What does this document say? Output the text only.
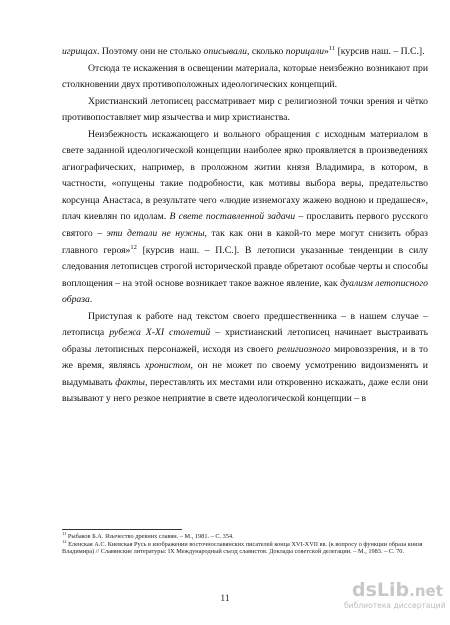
игрищах. Поэтому они не столько описывали, сколько порицали»$^{11}$ [курсив наш. – П.С.].

Отсюда те искажения в освещении материала, которые неизбежно возникают при столкновении двух противоположных идеологических концепций.

Христианский летописец рассматривает мир с религиозной точки зрения и чётко противопоставляет мир язычества и мир христианства.

Неизбежность искажающего и вольного обращения с исходным материалом в свете заданной идеологической концепции наиболее ярко проявляется в произведениях агиографических, например, в проложном житии князя Владимира, в котором, в частности, «опущены такие подробности, как мотивы выбора веры, предательство корсунца Анастаса, в результате чего «людие изнемогаху жажею водною и предашеся», плач киевлян по идолам. В свете поставленной задачи – прославить первого русского святого – эти детали не нужны, так как они в какой-то мере могут снизить образ главного героя»$^{12}$ [курсив наш. – П.С.]. В летописи указанные тенденции в силу следования летописцев строгой исторической правде обретают особые черты и способы воплощения – на этой основе возникает такое важное явление, как дуализм летописного образа.

Приступая к работе над текстом своего предшественника – в нашем случае – летописца рубежа X-XI столетий – христианский летописец начинает выстраивать образы летописных персонажей, исходя из своего религиозного мировоззрения, и в то же время, являясь хронистом, он не может по своему усмотрению видоизменять и выдумывать факты, переставлять их местами или откровенно искажать, даже если они вызывают у него резкое неприятие в свете идеологической концепции – в

$^{11}$ Рыбаков Б.А. Язычество древних славян. – М., 1981. – С. 354.

$^{12}$ Еленская А.С. Киевская Русь в изображении восточнославянских писателей конца XVI-XVII вв. (к вопросу о функции образа князя Владимира) // Славянские литературы: IX Международный съезд славистов. Доклады советской делегации. – М., 1983. – С. 70.

11	dsLib.net
библиотека диссертаций
